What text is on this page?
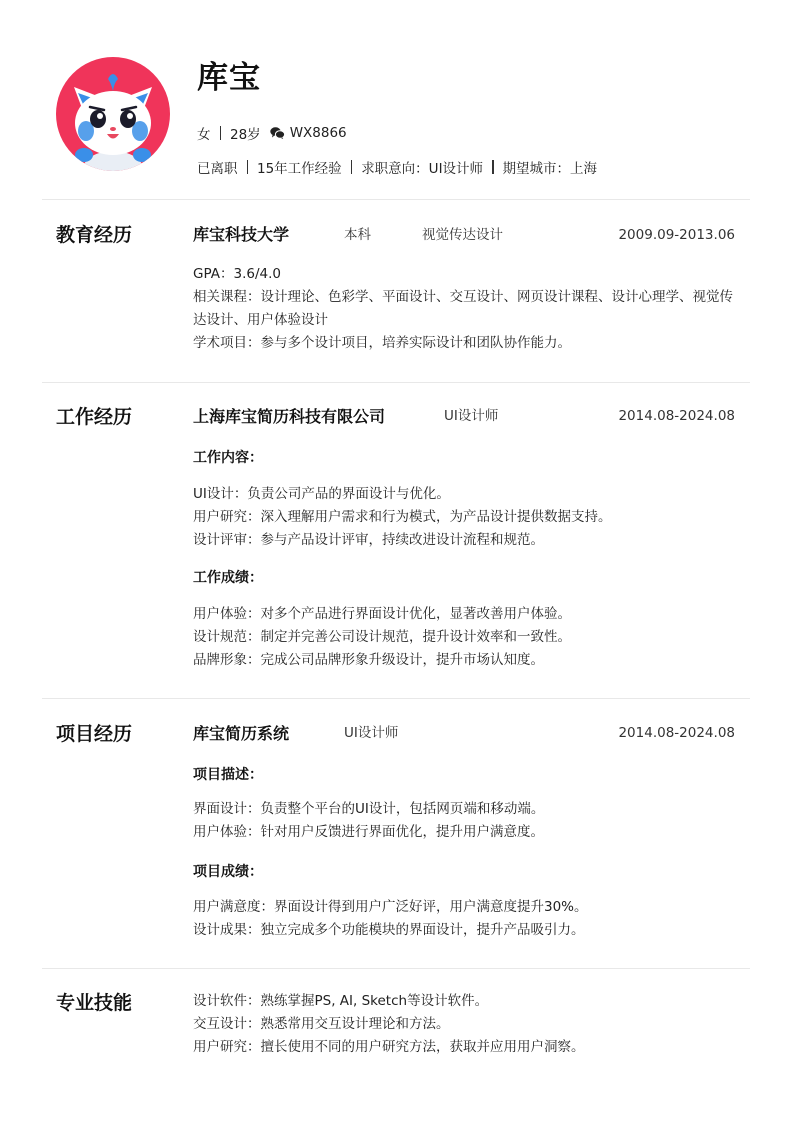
库宝
女 28岁 WX8866
已离职 15年工作经验 求职意向：UI设计师 期望城市：上海
教育经历	库宝科技大学	本科	视觉传达设计	2009.09-2013.06
GPA：3.6/4.0
相关课程：设计理论、色彩学、平面设计、交互设计、网页设计课程、设计心理学、视觉传达设计、用户体验设计
学术项目：参与多个设计项目，培养实际设计和团队协作能力。
工作经历	上海库宝简历科技有限公司	UI设计师	2014.08-2024.08
工作内容：
UI设计：负责公司产品的界面设计与优化。
用户研究：深入理解用户需求和行为模式，为产品设计提供数据支持。
设计评审：参与产品设计评审，持续改进设计流程和规范。
工作成绩：
用户体验：对多个产品进行界面设计优化，显著改善用户体验。
设计规范：制定并完善公司设计规范，提升设计效率和一致性。
品牌形象：完成公司品牌形象升级设计，提升市场认知度。
项目经历	库宝简历系统	UI设计师	2014.08-2024.08
项目描述：
界面设计：负责整个平台的UI设计，包括网页端和移动端。
用户体验：针对用户反馈进行界面优化，提升用户满意度。
项目成绩：
用户满意度：界面设计得到用户广泛好评，用户满意度提升30%。
设计成果：独立完成多个功能模块的界面设计，提升产品吸引力。
专业技能	设计软件：熟练掌握PS, AI, Sketch等设计软件。
交互设计：熟悉常用交互设计理论和方法。
用户研究：擅长使用不同的用户研究方法，获取并应用用户洞察。
